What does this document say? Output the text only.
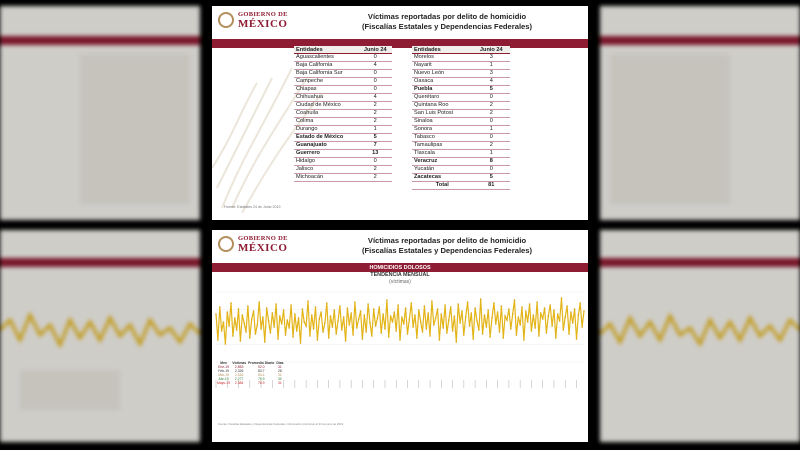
GOBIERNO DE
MÉXICO
Víctimas reportadas por delito de homicidio
(Fiscalías Estatales y Dependencias Federales)
Entidades	Junio 24
Aguascalientes	0
Baja California	4
Baja California Sur	0
Campeche	0
Chiapas	0
Chihuahua	4
Ciudad de México	2
Coahuila	2
Colima	2
Durango	1
Estado de México	5
Guanajuato	7
Guerrero	13
Hidalgo	0
Jalisco	2
Michoacán	2
Entidades	Junio 24
Morelos	3
Nayarit	1
Nuevo León	3
Oaxaca	4
Puebla	5
Querétaro	0
Quintana Roo	2
San Luis Potosí	2
Sinaloa	0
Sonora	1
Tabasco	0
Tamaulipas	2
Tlaxcala	1
Veracruz	8
Yucatán	0
Zacatecas	5
Total	81
Fuente: Estatales 24 de Junio 2019
GOBIERNO DE
MÉXICO
Víctimas reportadas por delito de homicidio
(Fiscalías Estatales y Dependencias Federales)
HOMICIDIOS DOLOSOS
TENDENCIA MENSUAL
(víctimas)
Mes	Víctimas	Promedio Diario	Días
Ene-19	2,853	92.0	31
Feb-19	2,326	83.7	28
Mar-19	2,616	84.4	31
Abr-19	2,277	75.9	30
Mayo-19	2,384	76.9	31
Fuente: Fiscalías Estatales y Dependencias Federales. Información preliminar al 24 de junio de 2019.
